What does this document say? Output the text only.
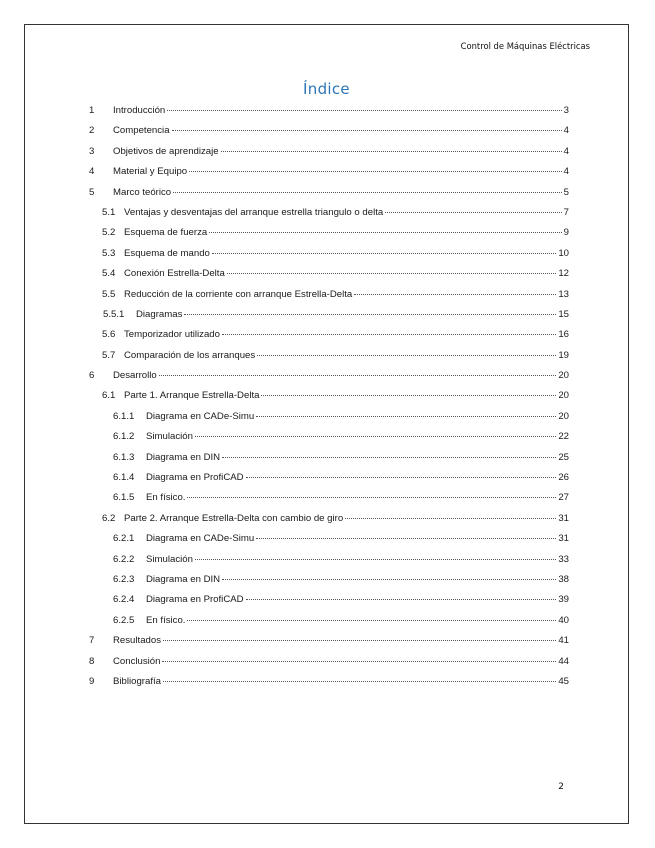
Control de Máquinas Eléctricas
Índice
1	Introducción	3
2	Competencia	4
3	Objetivos de aprendizaje	4
4	Material y Equipo	4
5	Marco teórico	5
5.1 Ventajas y desventajas del arranque estrella triangulo o delta	7
5.2 Esquema de fuerza	9
5.3 Esquema de mando	10
5.4 Conexión Estrella-Delta	12
5.5 Reducción de la corriente con arranque Estrella-Delta	13
5.5.1	Diagramas	15
5.6 Temporizador utilizado	16
5.7 Comparación de los arranques	19
6	Desarrollo	20
6.1 Parte 1. Arranque Estrella-Delta	20
6.1.1	Diagrama en CADe-Simu	20
6.1.2	Simulación	22
6.1.3	Diagrama en DIN	25
6.1.4	Diagrama en ProfiCAD	26
6.1.5	En físico.	27
6.2 Parte 2. Arranque Estrella-Delta con cambio de giro	31
6.2.1	Diagrama en CADe-Simu	31
6.2.2	Simulación	33
6.2.3	Diagrama en DIN	38
6.2.4	Diagrama en ProfiCAD	39
6.2.5	En físico.	40
7	Resultados	41
8	Conclusión	44
9	Bibliografía	45
2
